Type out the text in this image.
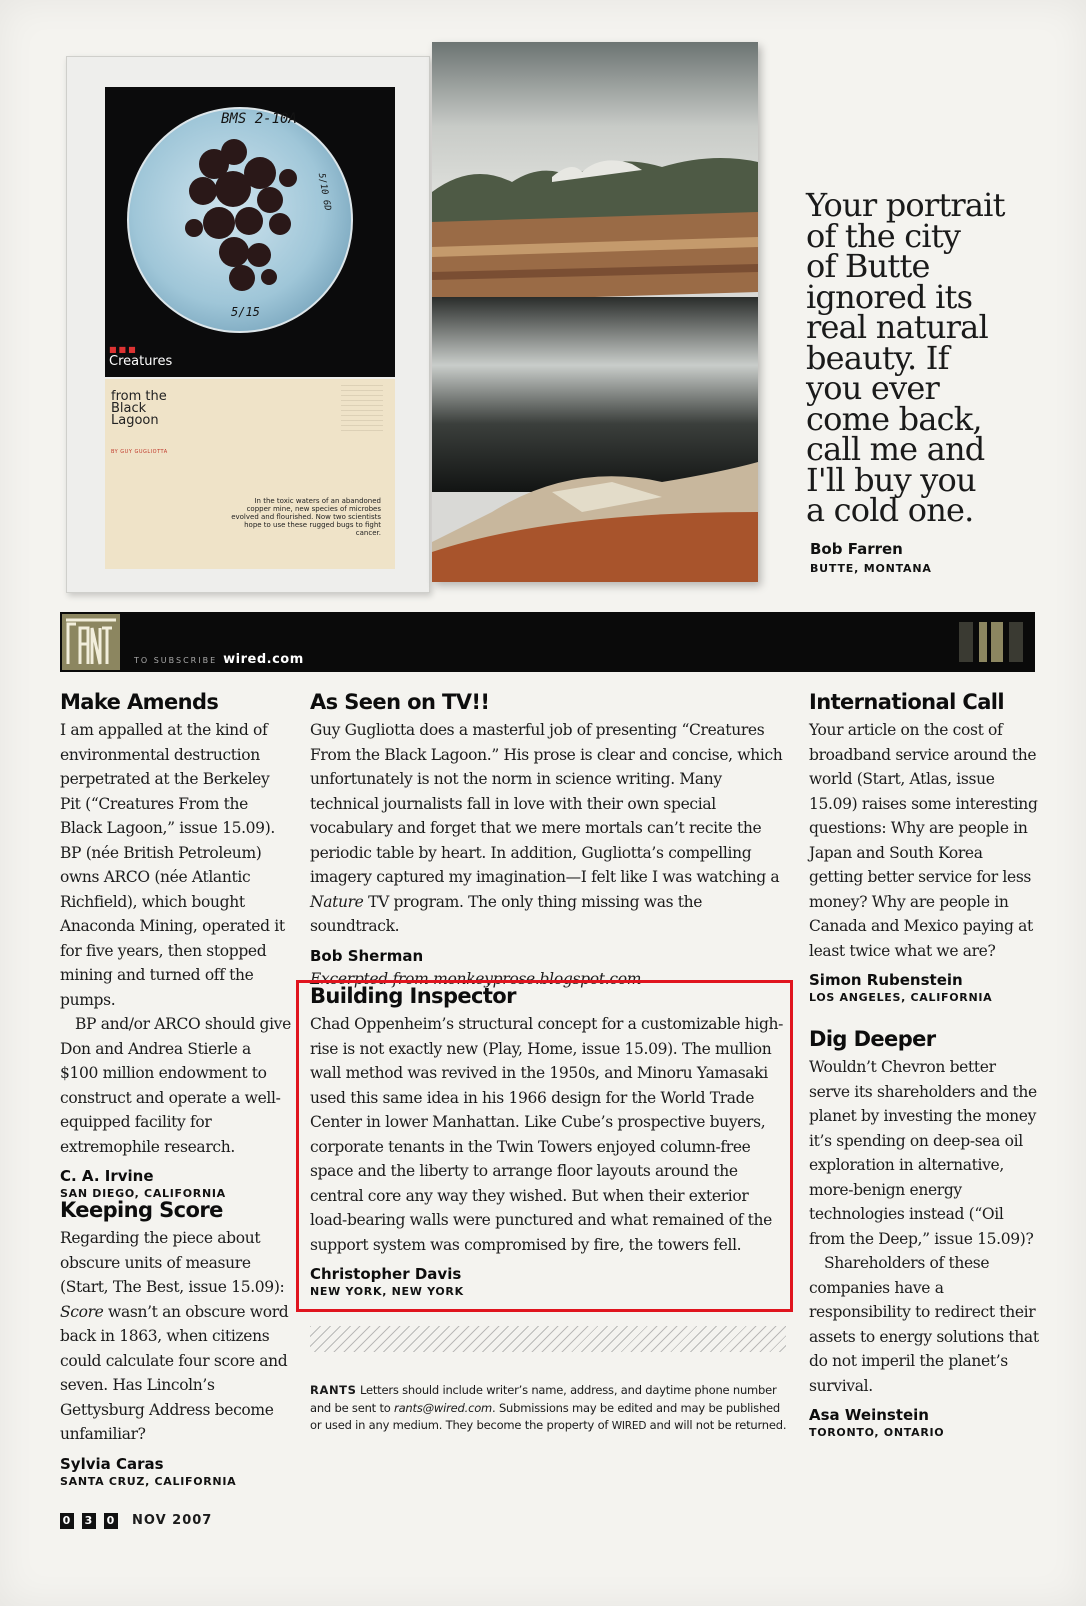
BMS 2-10A
5/10 6D
5/15
■■■
Creatures
from the Black Lagoon
BY GUY GUGLIOTTA
In the toxic waters of an abandoned copper mine, new species of microbes evolved and flourished. Now two scientists hope to use these rugged bugs to fight cancer.
Your portrait
of the city
of Butte
ignored its
real natural
beauty. If
you ever
come back,
call me and
I'll buy you
a cold one.
Bob Farren
BUTTE, MONTANA
rants
TO SUBSCRIBE wired.com
Make Amends

I am appalled at the kind of environmental destruction perpetrated at the Berkeley Pit (“Creatures From the Black Lagoon,” issue 15.09). BP (née British Petroleum) owns ARCO (née Atlantic Richfield), which bought Anaconda Mining, operated it for five years, then stopped mining and turned off the pumps.

BP and/or ARCO should give Don and Andrea Stierle a $100 million endowment to construct and operate a well-equipped facility for extremophile research.

C. A. Irvine
SAN DIEGO, CALIFORNIA
Keeping Score

Regarding the piece about obscure units of measure (Start, The Best, issue 15.09): Score wasn’t an obscure word back in 1863, when citizens could calculate four score and seven. Has Lincoln’s Gettysburg Address become unfamiliar?

Sylvia Caras
SANTA CRUZ, CALIFORNIA
As Seen on TV!!

Guy Gugliotta does a masterful job of presenting “Creatures From the Black Lagoon.” His prose is clear and concise, which unfortunately is not the norm in science writing. Many technical journalists fall in love with their own special vocabulary and forget that we mere mortals can’t recite the periodic table by heart. In addition, Gugliotta’s compelling imagery captured my imagination—I felt like I was watching a Nature TV program. The only thing missing was the soundtrack.

Bob Sherman
Excerpted from monkeyprose.blogspot.com
Building Inspector

Chad Oppenheim’s structural concept for a customizable high-rise is not exactly new (Play, Home, issue 15.09). The mullion wall method was revived in the 1950s, and Minoru Yamasaki used this same idea in his 1966 design for the World Trade Center in lower Manhattan. Like Cube’s prospective buyers, corporate tenants in the Twin Towers enjoyed column-free space and the liberty to arrange floor layouts around the central core any way they wished. But when their exterior load-bearing walls were punctured and what remained of the support system was compromised by fire, the towers fell.

Christopher Davis
NEW YORK, NEW YORK
RANTS Letters should include writer’s name, address, and daytime phone number and be sent to rants@wired.com. Submissions may be edited and may be published or used in any medium. They become the property of WIRED and will not be returned.
International Call

Your article on the cost of broadband service around the world (Start, Atlas, issue 15.09) raises some interesting questions: Why are people in Japan and South Korea getting better service for less money? Why are people in Canada and Mexico paying at least twice what we are?

Simon Rubenstein
LOS ANGELES, CALIFORNIA
Dig Deeper

Wouldn’t Chevron better serve its shareholders and the planet by investing the money it’s spending on deep-sea oil exploration in alternative, more-benign energy technologies instead (“Oil from the Deep,” issue 15.09)?

Shareholders of these companies have a responsibility to redirect their assets to energy solutions that do not imperil the planet’s survival.

Asa Weinstein
TORONTO, ONTARIO
0 3 0 NOV 2007
